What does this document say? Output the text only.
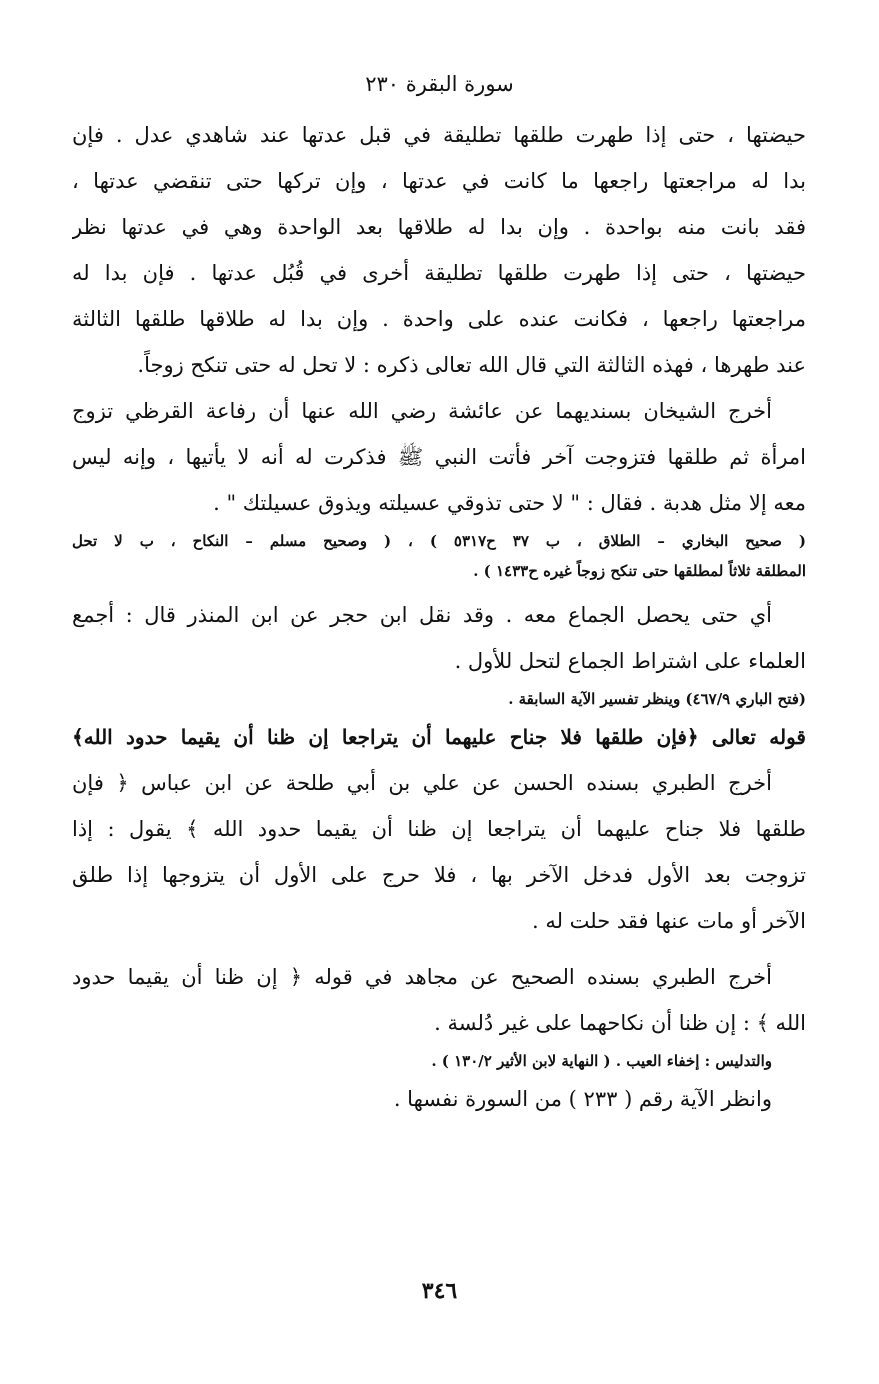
سورة البقرة ٢٣٠
حيضتها ، حتى إذا طهرت طلقها تطليقة في قبل عدتها عند شاهدي عدل . فإن
بدا له مراجعتها راجعها ما كانت في عدتها ، وإن تركها حتى تنقضي عدتها ،
فقد بانت منه بواحدة . وإن بدا له طلاقها بعد الواحدة وهي في عدتها نظر
حيضتها ، حتى إذا طهرت طلقها تطليقة أخرى في قُبُل عدتها . فإن بدا له
مراجعتها راجعها ، فكانت عنده على واحدة . وإن بدا له طلاقها طلقها الثالثة
عند طهرها ، فهذه الثالثة التي قال الله تعالى ذكره : لا تحل له حتى تنكح زوجاً.
أخرج الشيخان بسنديهما عن عائشة رضي الله عنها أن رفاعة القرظي تزوج
امرأة ثم طلقها فتزوجت آخر فأتت النبي ﷺ فذكرت له أنه لا يأتيها ، وإنه ليس
معه إلا مثل هدبة . فقال : " لا حتى تذوقي عسيلته ويذوق عسيلتك " .
( صحيح البخاري – الطلاق ، ب ٣٧ ح٥٣١٧ ) ، ( وصحيح مسلم – النكاح ، ب لا تحل
المطلقة ثلاثاً لمطلقها حتى تنكح زوجاً غيره ح١٤٣٣ ) .
أي حتى يحصل الجماع معه . وقد نقل ابن حجر عن ابن المنذر قال : أجمع
العلماء على اشتراط الجماع لتحل للأول .
(فتح الباري ٤٦٧/٩) وينظر تفسير الآية السابقة .
قوله تعالى ﴿فإن طلقها فلا جناح عليهما أن يتراجعا إن ظنا أن يقيما حدود الله﴾
أخرج الطبري بسنده الحسن عن علي بن أبي طلحة عن ابن عباس ﴿ فإن
طلقها فلا جناح عليهما أن يتراجعا إن ظنا أن يقيما حدود الله ﴾ يقول : إذا
تزوجت بعد الأول فدخل الآخر بها ، فلا حرج على الأول أن يتزوجها إذا طلق
الآخر أو مات عنها فقد حلت له .
أخرج الطبري بسنده الصحيح عن مجاهد في قوله ﴿ إن ظنا أن يقيما حدود
الله ﴾ : إن ظنا أن نكاحهما على غير دُلسة .
والتدليس : إخفاء العيب . ( النهاية لابن الأثير ١٣٠/٢ ) .
وانظر الآية رقم ( ٢٣٣ ) من السورة نفسها .
٣٤٦
